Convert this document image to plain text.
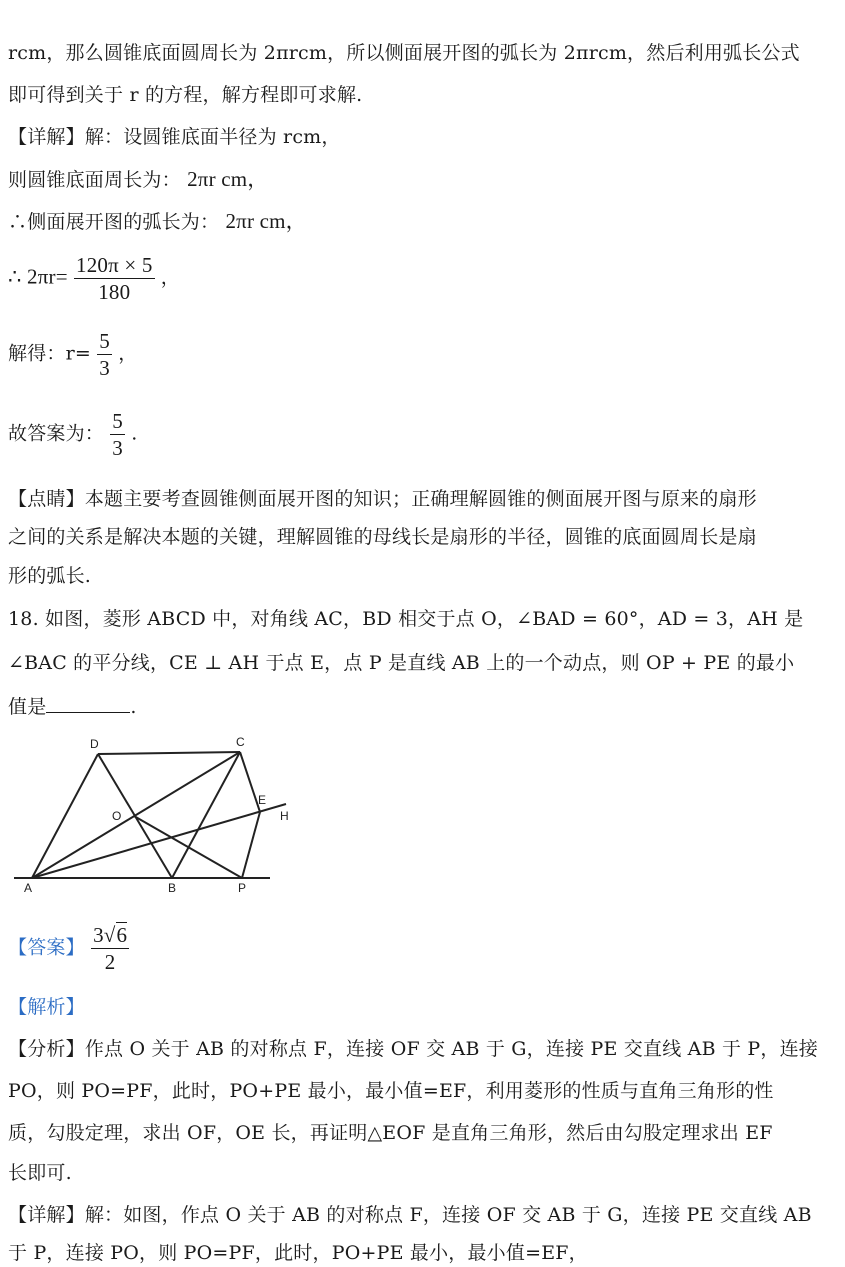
rcm，那么圆锥底面圆周长为 2πrcm，所以侧面展开图的弧长为 2πrcm，然后利用弧长公式
即可得到关于 r 的方程，解方程即可求解.
【详解】解：设圆锥底面半径为 rcm，
则圆锥底面周长为： 2πr cm，
∴侧面展开图的弧长为： 2πr cm，
∴ $2\pi r= \frac{120\pi \times 5}{180}$ ，
解得：$r= \frac{5}{3}$ ，
故答案为： $\frac{5}{3}$ .
【点睛】本题主要考查圆锥侧面展开图的知识；正确理解圆锥的侧面展开图与原来的扇形
之间的关系是解决本题的关键，理解圆锥的母线长是扇形的半径，圆锥的底面圆周长是扇
形的弧长.
18. 如图，菱形 ABCD 中，对角线 AC，BD 相交于点 O，∠BAD = 60°，AD = 3，AH 是
∠BAC 的平分线，CE ⊥ AH 于点 E，点 P 是直线 AB 上的一个动点，则 OP + PE 的最小
值是	.
A	B
C
D
O
E
H
P
【答案】 $\frac{3√6}{2}$
【解析】
【分析】作点 O 关于 AB 的对称点 F，连接 OF 交 AB 于 G，连接 PE 交直线 AB 于 P，连接
PO，则 PO=PF，此时，PO+PE 最小，最小值=EF，利用菱形的性质与直角三角形的性
质，勾股定理，求出 OF，OE 长，再证明△EOF 是直角三角形，然后由勾股定理求出 EF
长即可.
【详解】解：如图，作点 O 关于 AB 的对称点 F，连接 OF 交 AB 于 G，连接 PE 交直线 AB
于 P，连接 PO，则 PO=PF，此时，PO+PE 最小，最小值=EF，
